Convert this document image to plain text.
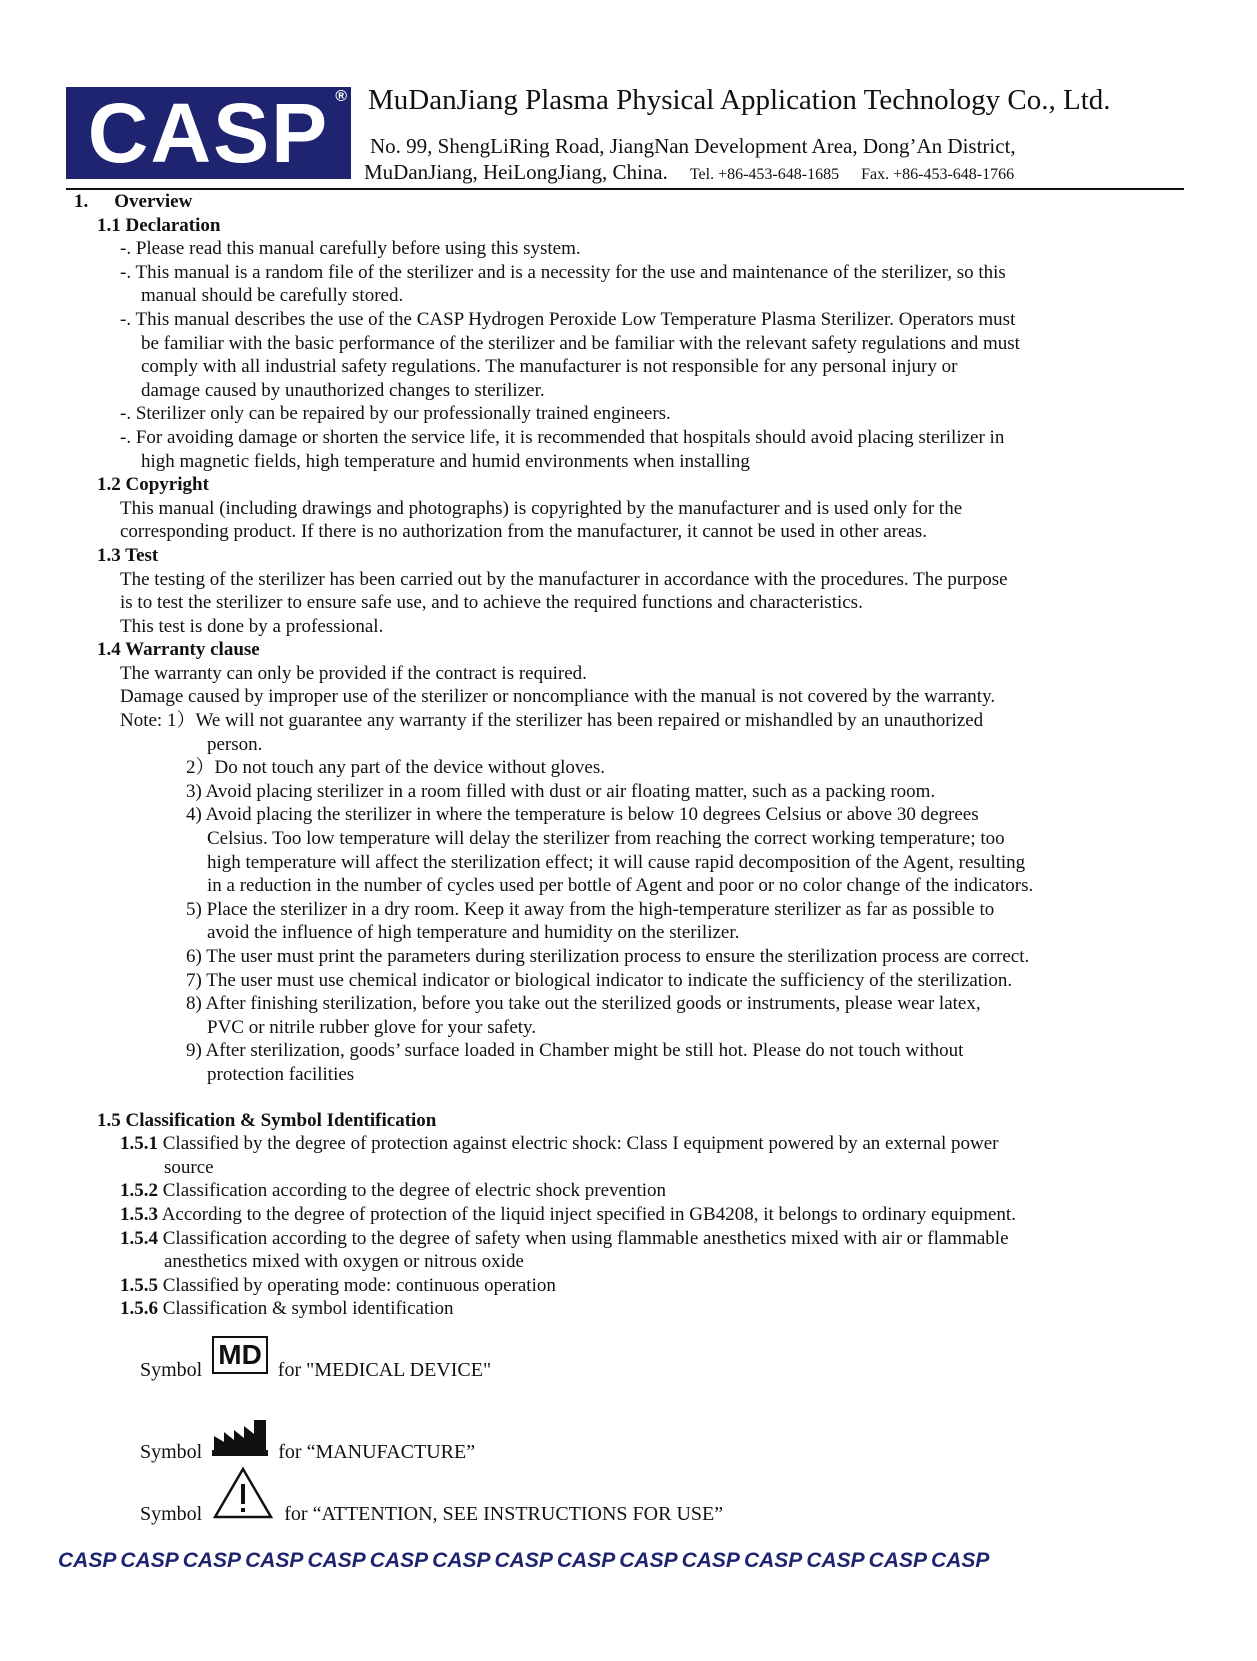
CASP ® MuDanJiang Plasma Physical Application Technology Co., Ltd.
No. 99, ShengLiRing Road, JiangNan Development Area, Dong’An District,
MuDanJiang, HeiLongJiang, China. Tel. +86-453-648-1685 Fax. +86-453-648-1766
1. Overview
1.1 Declaration
-. Please read this manual carefully before using this system.
-. This manual is a random file of the sterilizer and is a necessity for the use and maintenance of the sterilizer, so this
manual should be carefully stored.
-. This manual describes the use of the CASP Hydrogen Peroxide Low Temperature Plasma Sterilizer. Operators must
be familiar with the basic performance of the sterilizer and be familiar with the relevant safety regulations and must
comply with all industrial safety regulations. The manufacturer is not responsible for any personal injury or
damage caused by unauthorized changes to sterilizer.
-. Sterilizer only can be repaired by our professionally trained engineers.
-. For avoiding damage or shorten the service life, it is recommended that hospitals should avoid placing sterilizer in
high magnetic fields, high temperature and humid environments when installing
1.2 Copyright
This manual (including drawings and photographs) is copyrighted by the manufacturer and is used only for the
corresponding product. If there is no authorization from the manufacturer, it cannot be used in other areas.
1.3 Test
The testing of the sterilizer has been carried out by the manufacturer in accordance with the procedures. The purpose
is to test the sterilizer to ensure safe use, and to achieve the required functions and characteristics.
This test is done by a professional.
1.4 Warranty clause
The warranty can only be provided if the contract is required.
Damage caused by improper use of the sterilizer or noncompliance with the manual is not covered by the warranty.
Note: 1）We will not guarantee any warranty if the sterilizer has been repaired or mishandled by an unauthorized
person.
2）Do not touch any part of the device without gloves.
3) Avoid placing sterilizer in a room filled with dust or air floating matter, such as a packing room.
4) Avoid placing the sterilizer in where the temperature is below 10 degrees Celsius or above 30 degrees
Celsius. Too low temperature will delay the sterilizer from reaching the correct working temperature; too
high temperature will affect the sterilization effect; it will cause rapid decomposition of the Agent, resulting
in a reduction in the number of cycles used per bottle of Agent and poor or no color change of the indicators.
5) Place the sterilizer in a dry room. Keep it away from the high-temperature sterilizer as far as possible to
avoid the influence of high temperature and humidity on the sterilizer.
6) The user must print the parameters during sterilization process to ensure the sterilization process are correct.
7) The user must use chemical indicator or biological indicator to indicate the sufficiency of the sterilization.
8) After finishing sterilization, before you take out the sterilized goods or instruments, please wear latex,
PVC or nitrile rubber glove for your safety.
9) After sterilization, goods’ surface loaded in Chamber might be still hot. Please do not touch without
protection facilities
1.5 Classification & Symbol Identification
1.5.1 Classified by the degree of protection against electric shock: Class I equipment powered by an external power
source
1.5.2 Classification according to the degree of electric shock prevention
1.5.3 According to the degree of protection of the liquid inject specified in GB4208, it belongs to ordinary equipment.
1.5.4 Classification according to the degree of safety when using flammable anesthetics mixed with air or flammable
anesthetics mixed with oxygen or nitrous oxide
1.5.5 Classified by operating mode: continuous operation
1.5.6 Classification & symbol identification
Symbol MD for "MEDICAL DEVICE"
Symbol	for “MANUFACTURE”
Symbol	for “ATTENTION, SEE INSTRUCTIONS FOR USE”
CASP CASP CASP CASP CASP CASP CASP CASP CASP CASP CASP CASP CASP CASP CASP
